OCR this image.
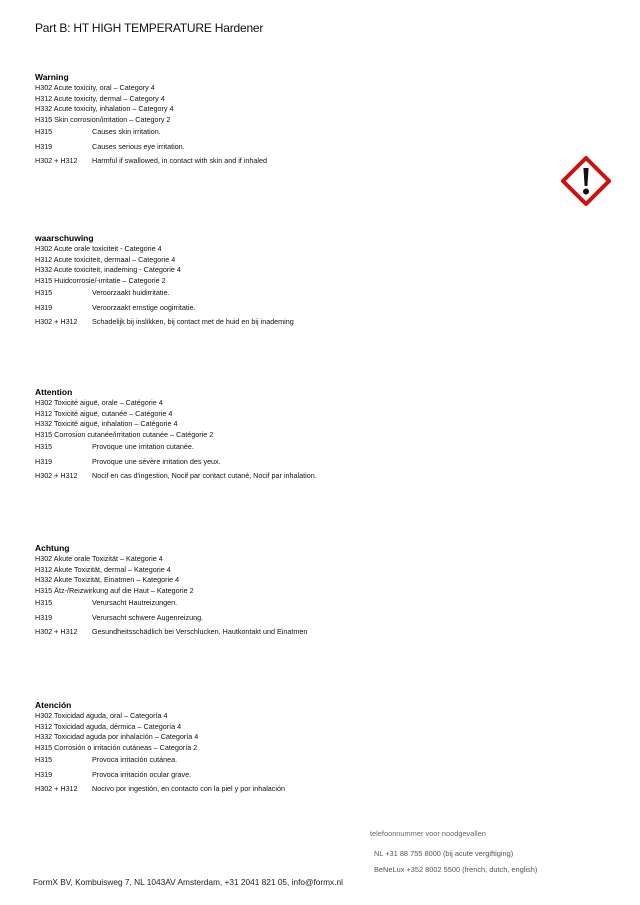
Part B: HT HIGH TEMPERATURE Hardener
Warning
H302 Acute toxicity, oral – Category 4
H312 Acute toxicity, dermal – Category 4
H332 Acute toxicity, inhalation – Category 4
H315 Skin corrosion/irritation – Category 2
H315	Causes skin irritation.
H319	Causes serious eye irritation.
H302 + H312	Harmful if swallowed, in contact with skin and if inhaled
waarschuwing
H302 Acute orale toxiciteit - Categorie 4
H312 Acute toxiciteit, dermaal – Categorie 4
H332 Acute toxiciteit, inademing - Categorie 4
H315 Huidcorrosie/-irritatie – Categorie 2
H315	Veroorzaakt huidirritatie.
H319	Veroorzaakt ernstige oogirritatie.
H302 + H312	Schadelijk bij inslikken, bij contact met de huid en bij inademing
Attention
H302 Toxicité aiguë, orale – Catégorie 4
H312 Toxicité aiguë, cutanée – Catégorie 4
H332 Toxicité aiguë, inhalation – Catégorie 4
H315 Corrosion cutanée/irritation cutanée – Catégorie 2
H315	Provoque une irritation cutanée.
H319	Provoque une sévère irritation des yeux.
H302 + H312	Nocif en cas d'ingestion, Nocif par contact cutané, Nocif par inhalation.
Achtung
H302 Akute orale Toxizität – Kategorie 4
H312 Akute Toxizität, dermal – Kategorie 4
H332 Akute Toxizität, Einatmen – Kategorie 4
H315 Ätz-/Reizwirkung auf die Haut – Kategorie 2
H315	Verursacht Hautreizungen.
H319	Verursacht schwere Augenreizung.
H302 + H312	Gesundheitsschädlich bei Verschlucken, Hautkontakt und Einatmen
Atención
H302 Toxicidad aguda, oral – Categoría 4
H312 Toxicidad aguda, dérmica – Categoría 4
H332 Toxicidad aguda por inhalación – Categoría 4
H315 Corrosión o irritación cutáneas – Categoría 2
H315	Provoca irritación cutánea.
H319	Provoca irritación ocular grave.
H302 + H312	Nocivo por ingestión, en contacto con la piel y por inhalación
telefoonnummer voor noodgevallen
NL +31 88 755 8000 (bij acute vergiftiging)
BeNeLux +352 8002 5500 (french, dutch, english)
FormX BV, Kombuisweg 7, NL 1043AV Amsterdam, +31 2041 821 05, info@formx.nl
